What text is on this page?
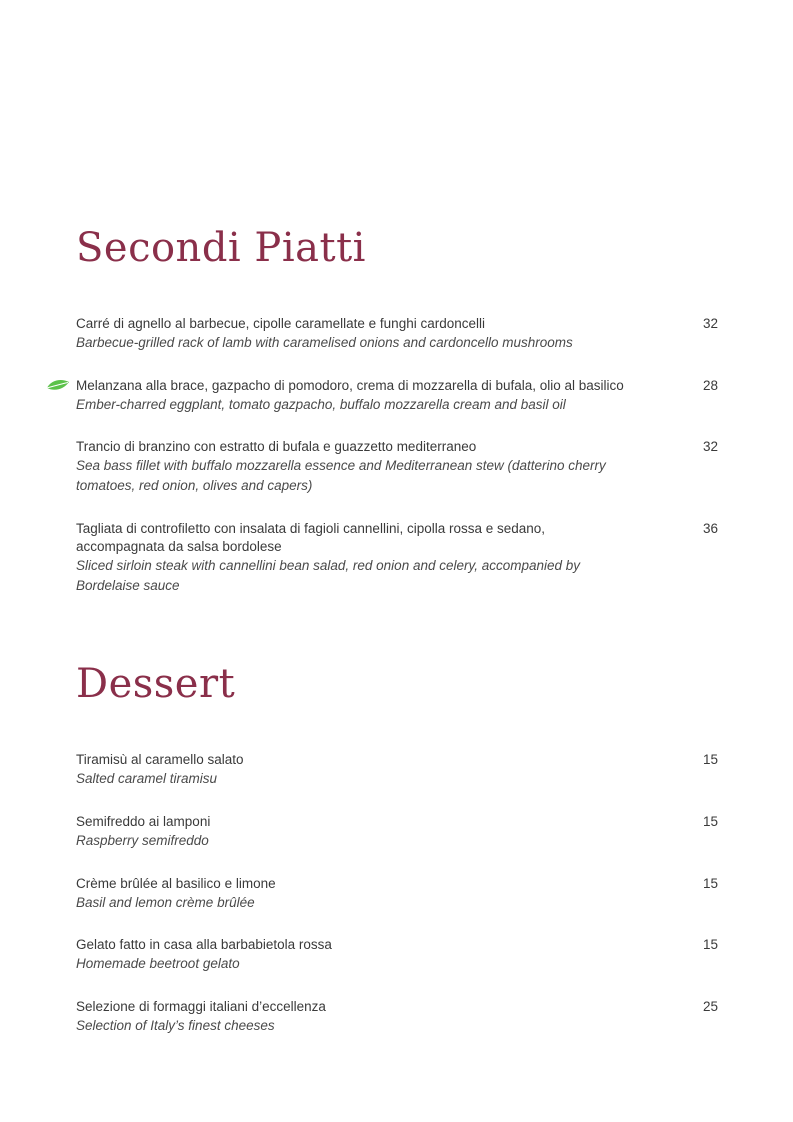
Secondi Piatti
Carré di agnello al barbecue, cipolle caramellate e funghi cardoncelli
Barbecue-grilled rack of lamb with caramelised onions and cardoncello mushrooms
32
Melanzana alla brace, gazpacho di pomodoro, crema di mozzarella di bufala, olio al basilico
Ember-charred eggplant, tomato gazpacho, buffalo mozzarella cream and basil oil
28
Trancio di branzino con estratto di bufala e guazzetto mediterraneo
Sea bass fillet with buffalo mozzarella essence and Mediterranean stew (datterino cherry tomatoes, red onion, olives and capers)
32
Tagliata di controfiletto con insalata di fagioli cannellini, cipolla rossa e sedano, accompagnata da salsa bordolese
Sliced sirloin steak with cannellini bean salad, red onion and celery, accompanied by Bordelaise sauce
36
Dessert
Tiramisù al caramello salato
Salted caramel tiramisu
15
Semifreddo ai lamponi
Raspberry semifreddo
15
Crème brûlée al basilico e limone
Basil and lemon crème brûlée
15
Gelato fatto in casa alla barbabietola rossa
Homemade beetroot gelato
15
Selezione di formaggi italiani d’eccellenza
Selection of Italy’s finest cheeses
25
